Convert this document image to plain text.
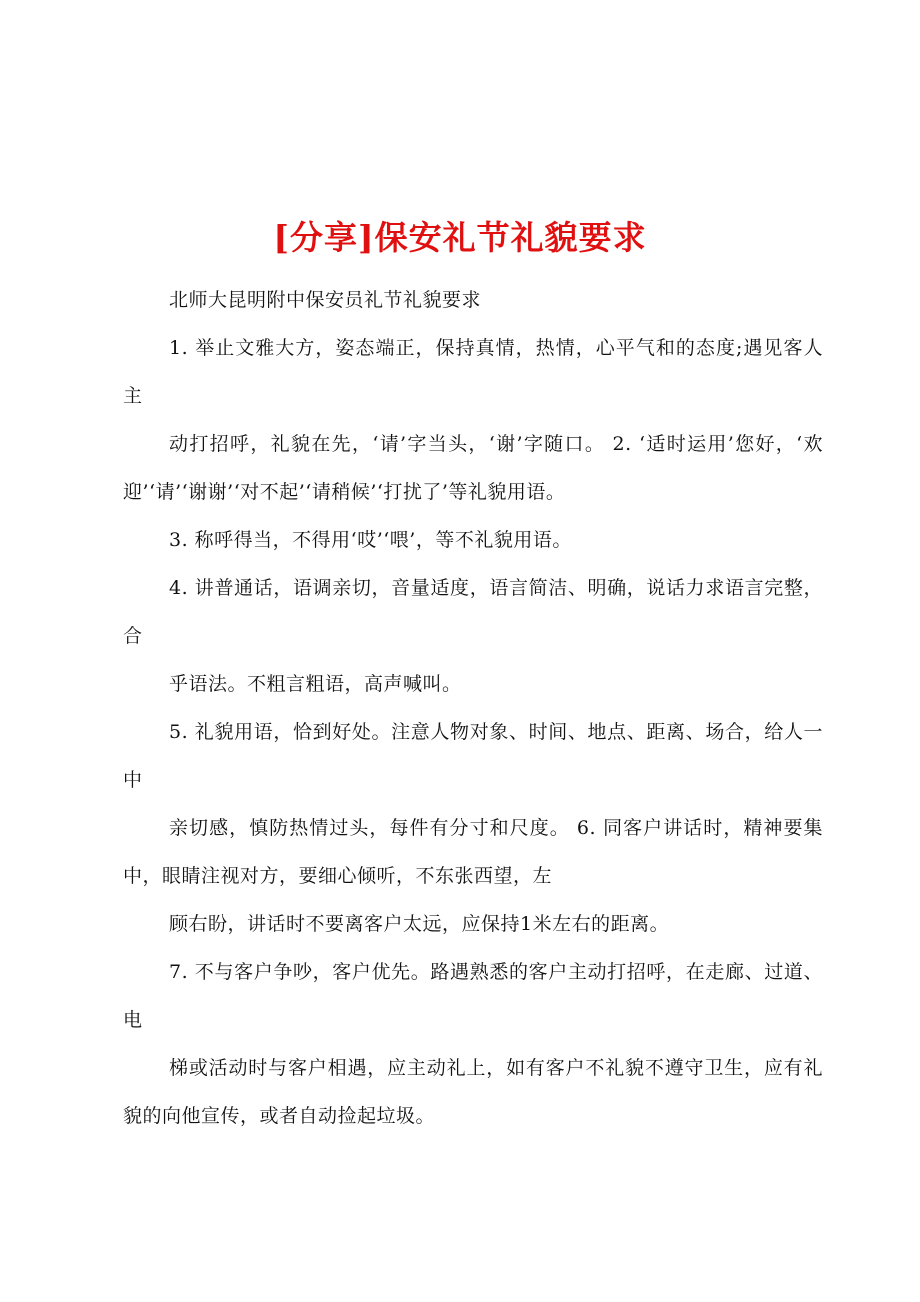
[分享]保安礼节礼貌要求

北师大昆明附中保安员礼节礼貌要求

1. 举止文雅大方，姿态端正，保持真情，热情，心平气和的态度;遇见客人主

动打招呼，礼貌在先，‘请’字当头，‘谢’字随口。 2. ‘适时运用’您好，‘欢迎’‘请’‘谢谢’‘对不起’‘请稍候’‘打扰了’等礼貌用语。

3. 称呼得当，不得用‘哎’‘喂’，等不礼貌用语。

4. 讲普通话，语调亲切，音量适度，语言简洁、明确，说话力求语言完整，合

乎语法。不粗言粗语，高声喊叫。

5. 礼貌用语，恰到好处。注意人物对象、时间、地点、距离、场合，给人一中

亲切感，慎防热情过头，每件有分寸和尺度。 6. 同客户讲话时，精神要集中，眼睛注视对方，要细心倾听，不东张西望，左

顾右盼，讲话时不要离客户太远，应保持1米左右的距离。

7. 不与客户争吵，客户优先。路遇熟悉的客户主动打招呼，在走廊、过道、电

梯或活动时与客户相遇，应主动礼上，如有客户不礼貌不遵守卫生，应有礼貌的向他宣传，或者自动捡起垃圾。
